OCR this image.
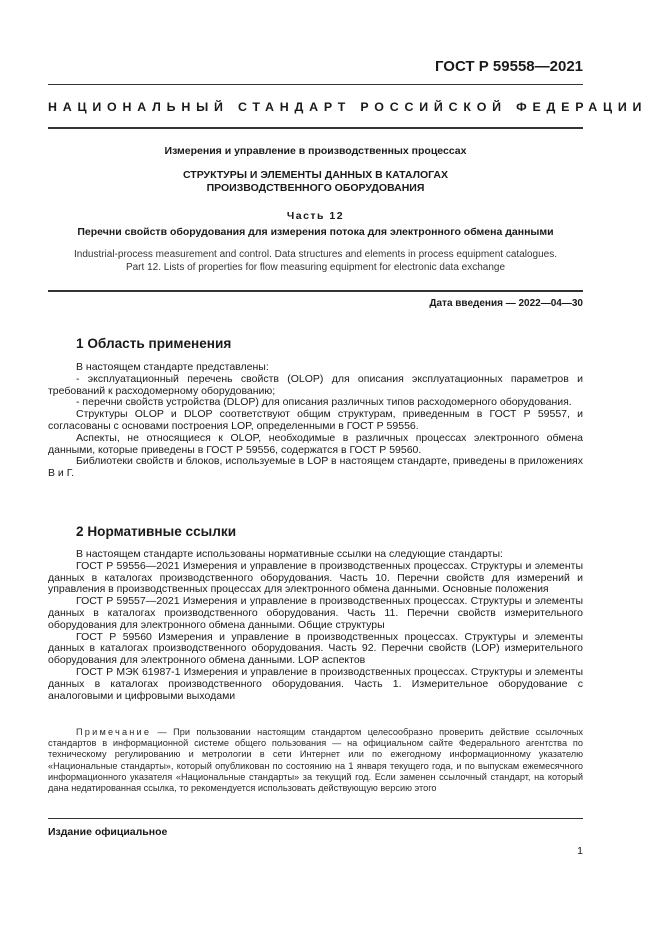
ГОСТ Р 59558—2021
НАЦИОНАЛЬНЫЙ СТАНДАРТ РОССИЙСКОЙ ФЕДЕРАЦИИ
Измерения и управление в производственных процессах
СТРУКТУРЫ И ЭЛЕМЕНТЫ ДАННЫХ В КАТАЛОГАХ
ПРОИЗВОДСТВЕННОГО ОБОРУДОВАНИЯ
Часть 12
Перечни свойств оборудования для измерения потока для электронного обмена данными
Industrial-process measurement and control. Data structures and elements in process equipment catalogues.
Part 12. Lists of properties for flow measuring equipment for electronic data exchange
Дата введения — 2022—04—30
1 Область применения

В настоящем стандарте представлены:

- эксплуатационный перечень свойств (OLOP) для описания эксплуатационных параметров и требований к расходомерному оборудованию;

- перечни свойств устройства (DLOP) для описания различных типов расходомерного оборудования.

Структуры OLOP и DLOP соответствуют общим структурам, приведенным в ГОСТ Р 59557, и согласованы с основами построения LOP, определенными в ГОСТ Р 59556.

Аспекты, не относящиеся к OLOP, необходимые в различных процессах электронного обмена данными, которые приведены в ГОСТ Р 59556, содержатся в ГОСТ Р 59560.

Библиотеки свойств и блоков, используемые в LOP в настоящем стандарте, приведены в приложениях В и Г.

2 Нормативные ссылки

В настоящем стандарте использованы нормативные ссылки на следующие стандарты:

ГОСТ Р 59556—2021 Измерения и управление в производственных процессах. Структуры и элементы данных в каталогах производственного оборудования. Часть 10. Перечни свойств для измерений и управления в производственных процессах для электронного обмена данными. Основные положения

ГОСТ Р 59557—2021 Измерения и управление в производственных процессах. Структуры и элементы данных в каталогах производственного оборудования. Часть 11. Перечни свойств измерительного оборудования для электронного обмена данными. Общие структуры

ГОСТ Р 59560 Измерения и управление в производственных процессах. Структуры и элементы данных в каталогах производственного оборудования. Часть 92. Перечни свойств (LOP) измерительного оборудования для электронного обмена данными. LOP аспектов

ГОСТ Р МЭК 61987-1 Измерения и управление в производственных процессах. Структуры и элементы данных в каталогах производственного оборудования. Часть 1. Измерительное оборудование с аналоговыми и цифровыми выходами

Примечание — При пользовании настоящим стандартом целесообразно проверить действие ссылочных стандартов в информационной системе общего пользования — на официальном сайте Федерального агентства по техническому регулированию и метрологии в сети Интернет или по ежегодному информационному указателю «Национальные стандарты», который опубликован по состоянию на 1 января текущего года, и по выпускам ежемесячного информационного указателя «Национальные стандарты» за текущий год. Если заменен ссылочный стандарт, на который дана недатированная ссылка, то рекомендуется использовать действующую версию этого
Издание официальное
1
